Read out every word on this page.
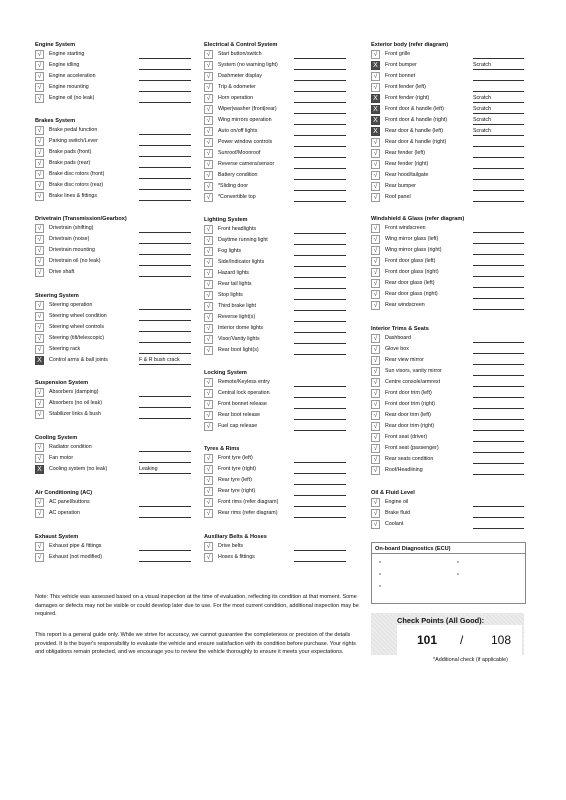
Engine System
√	Engine starting
√	Engine idling
√	Engine acceleration
√	Engine mounting
√	Engine oil (no leak)
Brakes System
√	Brake pedal function
√	Parking switch/Lever
√	Brake pads (front)
√	Brake pads (rear)
√	Brake disc rotors (front)
√	Brake disc rotors (rear)
√	Brake lines & fittings
Drivetrain (Transmission/Gearbox)
√	Drivetrain (shifting)
√	Drivetrain (noise)
√	Drivetrain mounting
√	Drivetrain oil (no leak)
√	Drive shaft
Steering System
√	Steering operation
√	Steering wheel condition
√	Steering wheel controls
√	Steering (tilt/telescopic)
√	Steering rack
X	Control arms & ball joints	F & R bush crack
Suspension System
√	Absorbers (damping)
√	Absorbers (no oil leak)
√	Stabilizer links & bush
Cooling System
√	Radiator condition
√	Fan motor
X	Cooling system (no leak)	Leaking
Air Conditioning (AC)
√	AC panel/buttons
√	AC operation
Exhaust System
√	Exhaust pipe & fittings
√	Exhaust (not modified)
Electrical & Control System
√	Start button/switch
√	System (no warning light)
√	Dashmeter display
√	Trip & odometer
√	Horn operation
√	Wiper|washer (front|rear)
√	Wing mirrors operation
√	Auto on/off lights
√	Power window controls
√	Sunroof/Moonroof
√	Reverse camera/sensor
√	Battery condition
√	*Sliding door
√	*Convertible top
Lighting System
√	Front headlights
√	Daytime running light
√	Fog lights
√	Side/Indicator lights
√	Hazard lights
√	Rear tail lights
√	Stop lights
√	Third brake light
√	Reverse light(s)
√	Interior dome lights
√	Visor/Vanity lights
√	Rear boot light(s)
Locking System
√	Remote/Keyless entry
√	Central lock operation
√	Front bonnet release
√	Rear boot release
√	Fuel cap release
Tyres & Rims
√	Front tyre (left)
√	Front tyre (right)
√	Rear tyre (left)
√	Rear tyre (right)
√	Front rims (refer diagram)
√	Rear rims (refer diagram)
Auxiliary Belts & Hoses
√	Drive belts
√	Hoses & fittings
Exterior body (refer diagram)
√	Front grille
X	Front bumper	Scratch
√	Front bonnet
√	Front fender (left)
X	Front fender (right)	Scratch
X	Front door & handle (left)	Scratch
X	Front door & handle (right)	Scratch
X	Rear door & handle (left)	Scratch
√	Rear door & handle (right)
√	Rear fender (left)
√	Rear fender (right)
√	Rear hood/tailgate
√	Rear bumper
√	Roof panel
Windshield & Glass (refer diagram)
√	Front windscreen
√	Wing mirror glass (left)
√	Wing mirror glass (right)
√	Front door glass (left)
√	Front door glass (right)
√	Rear door glass (left)
√	Rear door glass (right)
√	Rear windscreen
Interior Trims & Seats
√	Dashboard
√	Glove box
√	Rear view mirror
√	Sun visors, vanity mirror
√	Centre console/armrest
√	Front door trim (left)
√	Front door trim (right)
√	Rear door trim (left)
√	Rear door trim (right)
√	Front seat (driver)
√	Front seat (passenger)
√	Rear seats condition
√	Roof/Headlining
Oil & Fluid Level
√	Engine oil
√	Brake fluid
√	Coolant
On-board Diagnostics (ECU)
Note: This vehicle was assessed based on a visual inspection at the time of evaluation, reflecting its condition at that moment. Some damages or defects may not be visible or could develop later due to use. For the most current condition, additional inspection may be required.
This report is a general guide only. While we strive for accuracy, we cannot guarantee the completeness or precision of the details provided. It is the buyer's responsibility to evaluate the vehicle and ensure satisfaction with its condition before purchase. Your rights and obligations remain protected, and we encourage you to review the vehicle thoroughly to ensure it meets your expectations.
Check Points (All Good):
101 / 108
*Additional check (if applicable)
